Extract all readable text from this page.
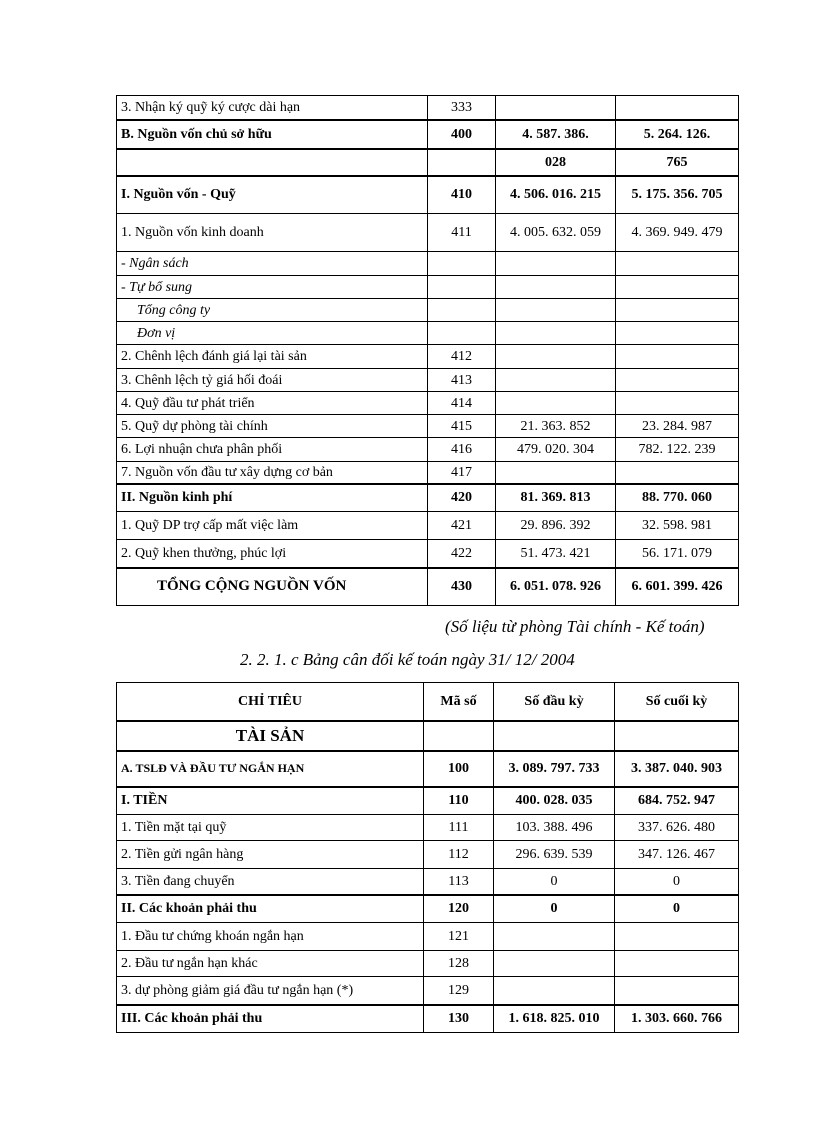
3. Nhận ký quỹ ký cược dài hạn	333		
B. Nguồn vốn chủ sở hữu	400	4. 587. 386.	5. 264. 126.
		028	765
I. Nguồn vốn - Quỹ	410	4. 506. 016. 215	5. 175. 356. 705
1. Nguồn vốn kinh doanh	411	4. 005. 632. 059	4. 369. 949. 479
- Ngân sách			
- Tự bổ sung			
Tổng công ty			
Đơn vị			
2. Chênh lệch đánh giá lại tài sản	412		
3. Chênh lệch tỷ giá hối đoái	413		
4. Quỹ đầu tư phát triển	414		
5. Quỹ dự phòng tài chính	415	21. 363. 852	23. 284. 987
6. Lợi nhuận chưa phân phối	416	479. 020. 304	782. 122. 239
7. Nguồn vốn đầu tư xây dựng cơ bản	417		
II. Nguồn kinh phí	420	81. 369. 813	88. 770. 060
1. Quỹ DP trợ cấp mất việc làm	421	29. 896. 392	32. 598. 981
2. Quỹ khen thưởng, phúc lợi	422	51. 473. 421	56. 171. 079
TỔNG CỘNG NGUỒN VỐN	430	6. 051. 078. 926	6. 601. 399. 426
(Số liệu từ phòng Tài chính - Kế toán)
2. 2. 1. c Bảng cân đối kế toán ngày 31/ 12/ 2004
CHỈ TIÊU	Mã số	Số đầu kỳ	Số cuối kỳ
TÀI SẢN			
A. TSLĐ VÀ ĐẦU TƯ NGẮN HẠN	100	3. 089. 797. 733	3. 387. 040. 903
I. TIỀN	110	400. 028. 035	684. 752. 947
1. Tiền mặt tại quỹ	111	103. 388. 496	337. 626. 480
2. Tiền gửi ngân hàng	112	296. 639. 539	347. 126. 467
3. Tiền đang chuyển	113	0	0
II. Các khoản phải thu	120	0	0
1. Đầu tư chứng khoán ngắn hạn	121		
2. Đầu tư ngắn hạn khác	128		
3. dự phòng giảm giá đầu tư ngắn hạn (*)	129		
III. Các khoản phải thu	130	1. 618. 825. 010	1. 303. 660. 766
